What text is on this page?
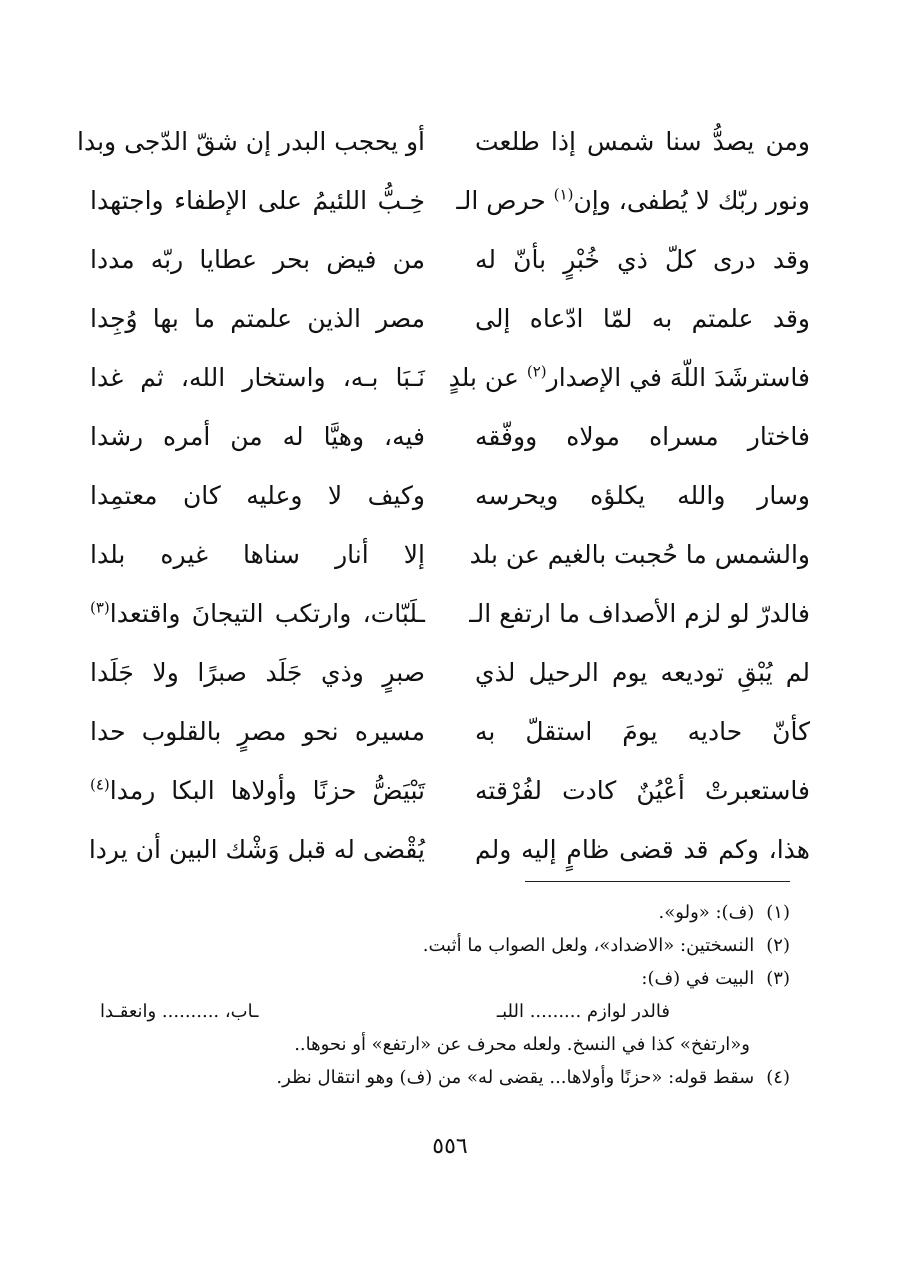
ومن يصدُّ سنا شمس إذا طلعت
أو يحجب البدر إن شقّ الدّجى وبدا
ونور ربّك لا يُطفى، وإن$^{(١)}$ حرص الـ
خِـبُّ اللئيمُ على الإطفاء واجتهدا
وقد درى كلّ ذي خُبْرٍ بأنّ له
من فيض بحر عطايا ربّه مددا
وقد علمتم به لمّا ادّعاه إلى
مصر الذين علمتم ما بها وُجِدا
فاسترشَدَ اللّهَ في الإصدار$^{(٢)}$ عن بلدٍ
نَـبَا بـه، واستخار الله، ثم غدا
فاختار مسراه مولاه ووفّقه
فيه، وهيَّا له من أمره رشدا
وسار والله يكلؤه ويحرسه
وكيف لا وعليه كان معتمِدا
والشمس ما حُجبت بالغيم عن بلد
إلا أنار سناها غيره بلدا
فالدرّ لو لزم الأصداف ما ارتفع الـ
ـلَبّات، وارتكب التيجانَ واقتعدا$^{(٣)}$
لم يُبْقِ توديعه يوم الرحيل لذي
صبرٍ وذي جَلَد صبرًا ولا جَلَدا
كأنّ حاديه يومَ استقلّ به
مسيره نحو مصرٍ بالقلوب حدا
فاستعبرتْ أعْيُنٌ كادت لفُرْقته
تَبْيَضُّ حزنًا وأولاها البكا رمدا$^{(٤)}$
هذا، وكم قد قضى ظامٍ إليه ولم
يُقْضى له قبل وَشْك البين أن يردا
(١)(ف): «ولو».
(٢)النسختين: «الاضداد»، ولعل الصواب ما أثبت.
(٣)البيت في (ف):
فالدر لوازم ......... اللبـ
ـاب، .......... وانعقـدا
و«ارتفخ» كذا في النسخ. ولعله محرف عن «ارتفع» أو نحوها..
(٤)سقط قوله: «حزنًا وأولاها... يقضى له» من (ف) وهو انتقال نظر.
٥٥٦
